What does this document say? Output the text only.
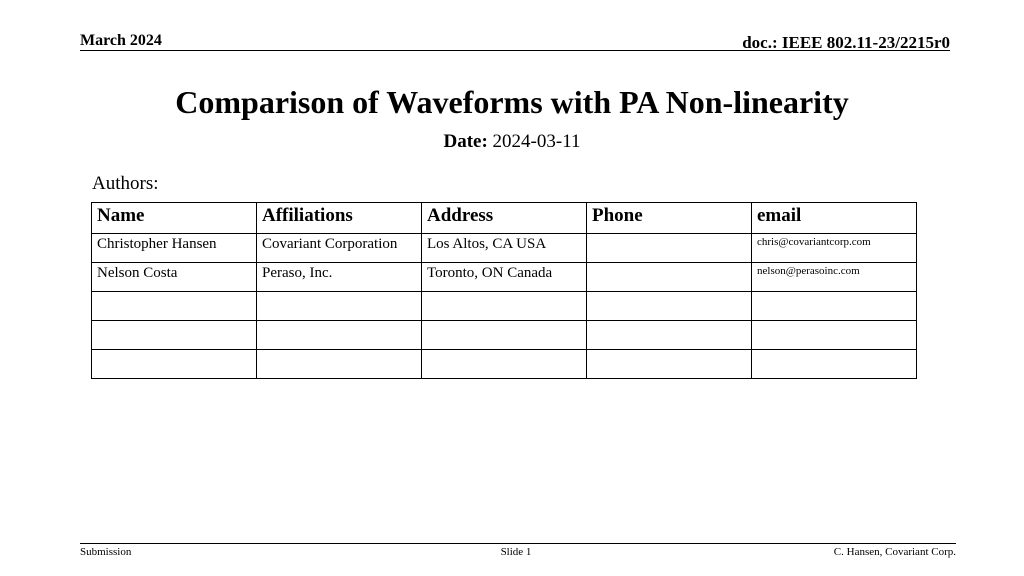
March 2024	doc.: IEEE 802.11-23/2215r0
Comparison of Waveforms with PA Non-linearity
Date: 2024-03-11
Authors:
Name	Affiliations	Address	Phone	email
Christopher Hansen	Covariant Corporation	Los Altos, CA USA		chris@covariantcorp.com
Nelson Costa	Peraso, Inc.	Toronto, ON Canada		nelson@perasoinc.com

Submission	Slide 1	C. Hansen, Covariant Corp.
